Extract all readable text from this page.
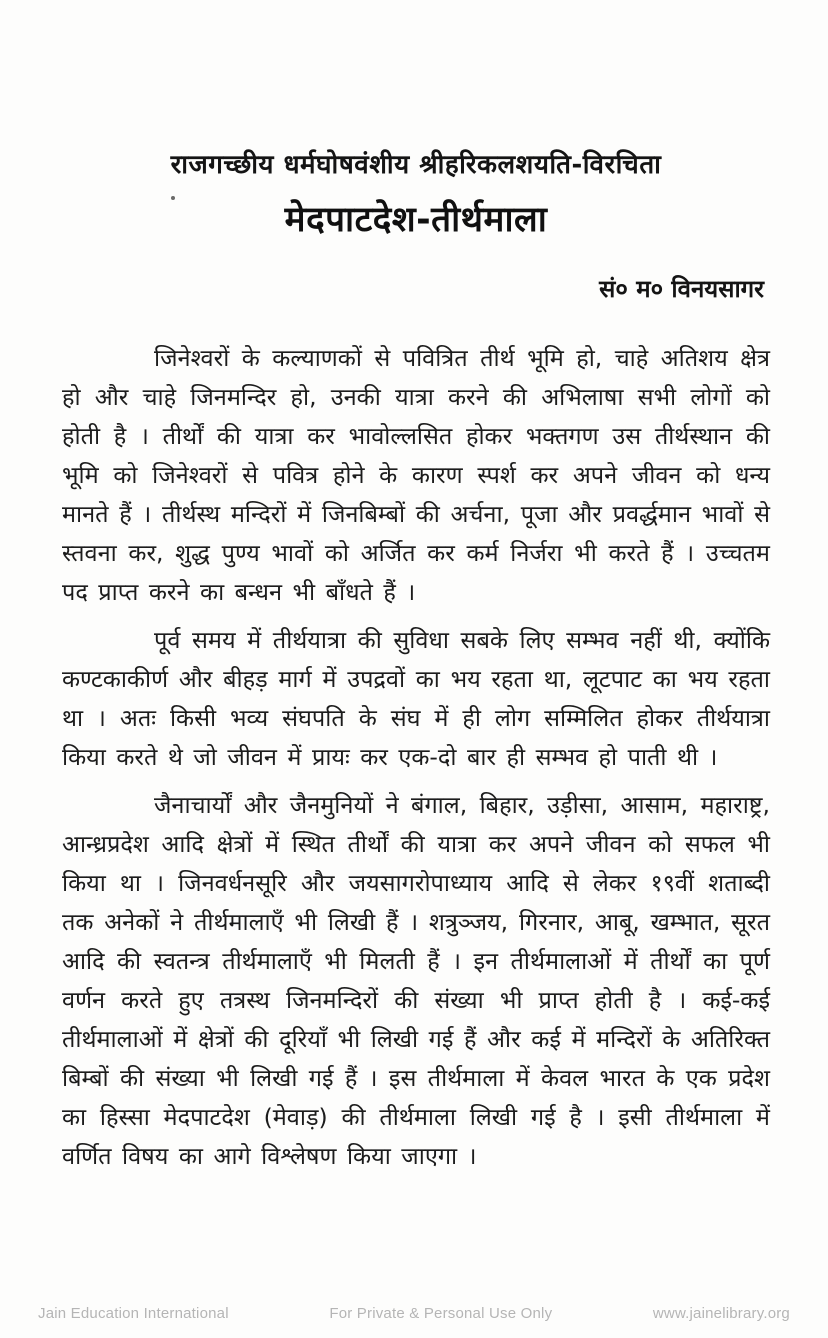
राजगच्छीय धर्मघोषवंशीय श्रीहरिकलशयति-विरचिता
मेदपाटदेश-तीर्थमाला
सं० म० विनयसागर

जिनेश्वरों के कल्याणकों से पवित्रित तीर्थ भूमि हो, चाहे अतिशय क्षेत्र हो और चाहे जिनमन्दिर हो, उनकी यात्रा करने की अभिलाषा सभी लोगों को होती है । तीर्थों की यात्रा कर भावोल्लसित होकर भक्तगण उस तीर्थस्थान की भूमि को जिनेश्वरों से पवित्र होने के कारण स्पर्श कर अपने जीवन को धन्य मानते हैं । तीर्थस्थ मन्दिरों में जिनबिम्बों की अर्चना, पूजा और प्रवर्द्धमान भावों से स्तवना कर, शुद्ध पुण्य भावों को अर्जित कर कर्म निर्जरा भी करते हैं । उच्चतम पद प्राप्त करने का बन्धन भी बाँधते हैं ।

पूर्व समय में तीर्थयात्रा की सुविधा सबके लिए सम्भव नहीं थी, क्योंकि कण्टकाकीर्ण और बीहड़ मार्ग में उपद्रवों का भय रहता था, लूटपाट का भय रहता था । अतः किसी भव्य संघपति के संघ में ही लोग सम्मिलित होकर तीर्थयात्रा किया करते थे जो जीवन में प्रायः कर एक-दो बार ही सम्भव हो पाती थी ।

जैनाचार्यों और जैनमुनियों ने बंगाल, बिहार, उड़ीसा, आसाम, महाराष्ट्र, आन्ध्रप्रदेश आदि क्षेत्रों में स्थित तीर्थों की यात्रा कर अपने जीवन को सफल भी किया था । जिनवर्धनसूरि और जयसागरोपाध्याय आदि से लेकर १९वीं शताब्दी तक अनेकों ने तीर्थमालाएँ भी लिखी हैं । शत्रुञ्जय, गिरनार, आबू, खम्भात, सूरत आदि की स्वतन्त्र तीर्थमालाएँ भी मिलती हैं । इन तीर्थमालाओं में तीर्थों का पूर्ण वर्णन करते हुए तत्रस्थ जिनमन्दिरों की संख्या भी प्राप्त होती है । कई-कई तीर्थमालाओं में क्षेत्रों की दूरियाँ भी लिखी गई हैं और कई में मन्दिरों के अतिरिक्त बिम्बों की संख्या भी लिखी गई हैं । इस तीर्थमाला में केवल भारत के एक प्रदेश का हिस्सा मेदपाटदेश (मेवाड़) की तीर्थमाला लिखी गई है । इसी तीर्थमाला में वर्णित विषय का आगे विश्लेषण किया जाएगा ।

Jain Education International	For Private & Personal Use Only	www.jainelibrary.org
